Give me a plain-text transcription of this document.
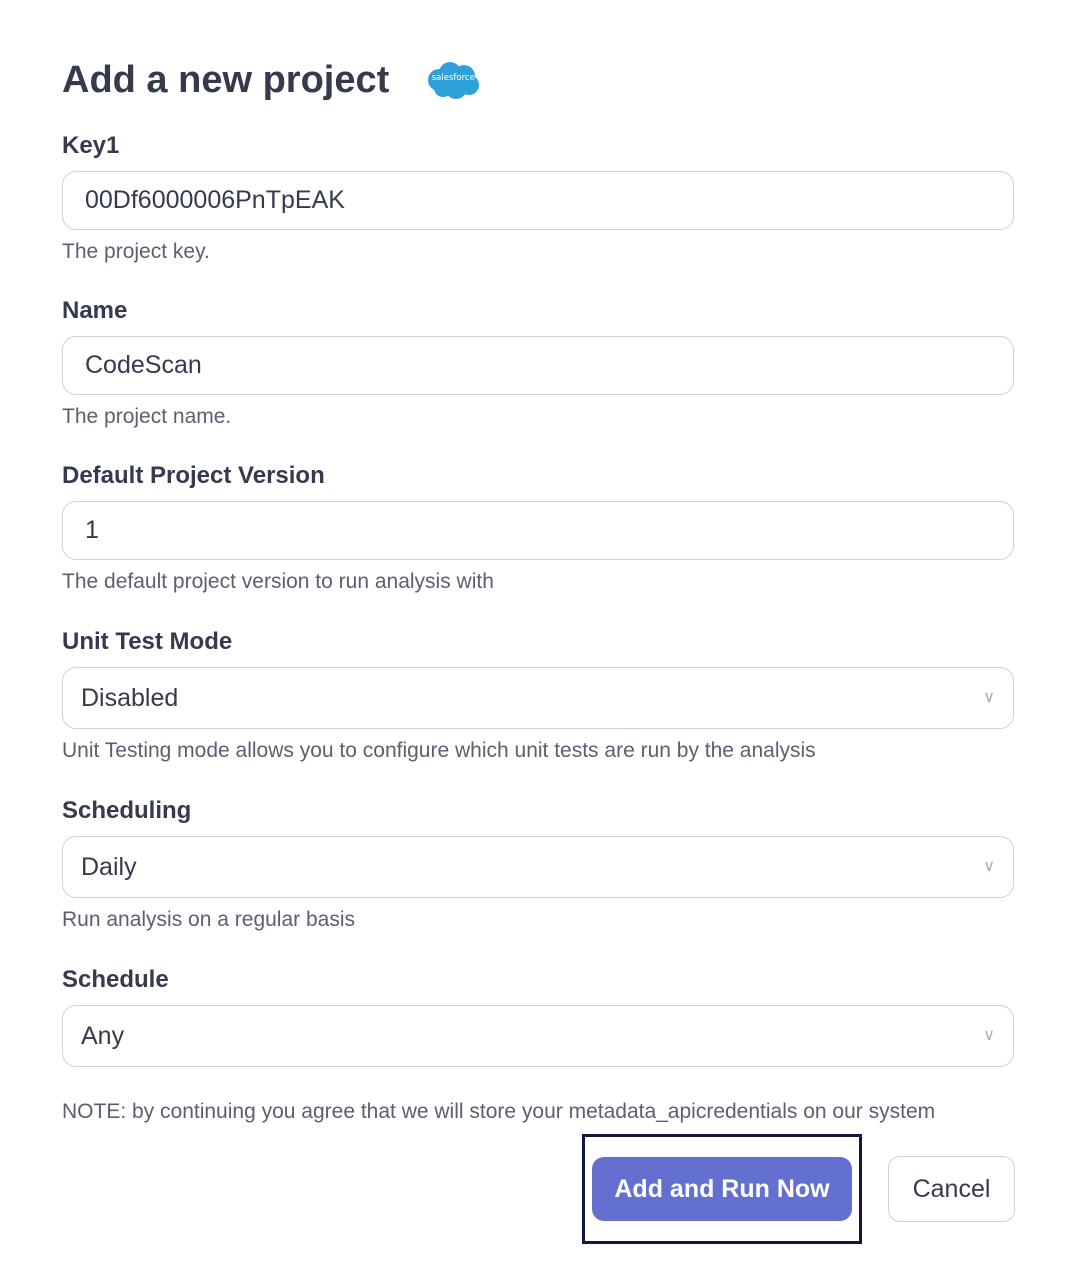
Add a new project	salesforce
Key1
00Df6000006PnTpEAK
The project key.
Name
CodeScan
The project name.
Default Project Version
1
The default project version to run analysis with
Unit Test Mode
Disabled	∨
Unit Testing mode allows you to configure which unit tests are run by the analysis
Scheduling
Daily	∨
Run analysis on a regular basis
Schedule
Any	∨
NOTE: by continuing you agree that we will store your metadata_apicredentials on our system
Add and Run Now	Cancel
